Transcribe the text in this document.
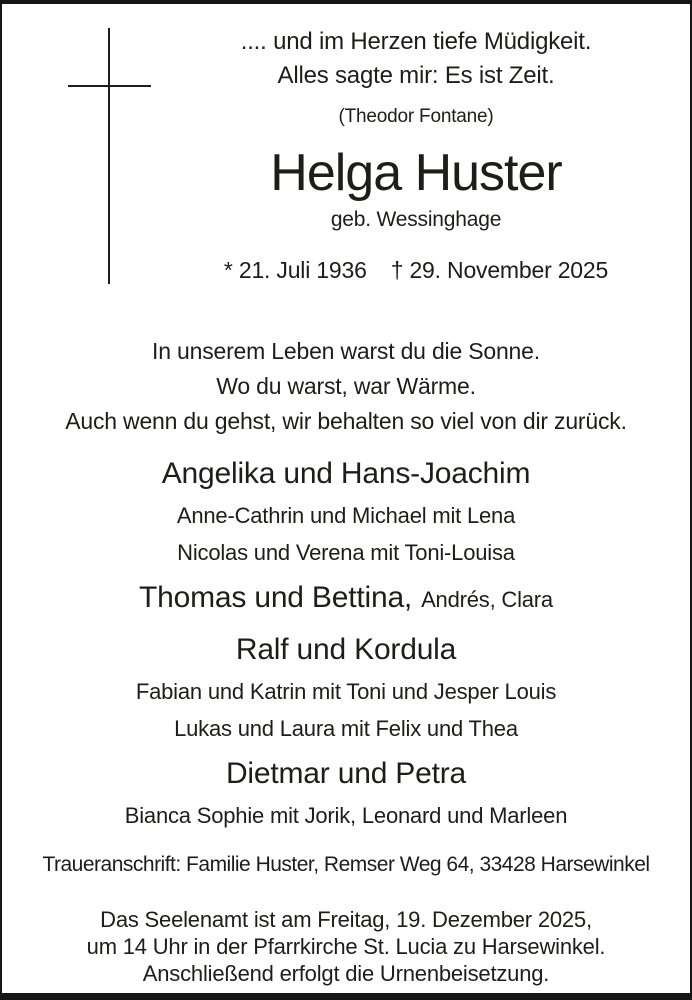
.... und im Herzen tiefe Müdigkeit.
Alles sagte mir: Es ist Zeit.
(Theodor Fontane)
Helga Huster
geb. Wessinghage
* 21. Juli 1936 † 29. November 2025
In unserem Leben warst du die Sonne.
Wo du warst, war Wärme.
Auch wenn du gehst, wir behalten so viel von dir zurück.
Angelika und Hans-Joachim
Anne-Cathrin und Michael mit Lena
Nicolas und Verena mit Toni-Louisa
Thomas und Bettina, Andrés, Clara
Ralf und Kordula
Fabian und Katrin mit Toni und Jesper Louis
Lukas und Laura mit Felix und Thea
Dietmar und Petra
Bianca Sophie mit Jorik, Leonard und Marleen
Traueranschrift: Familie Huster, Remser Weg 64, 33428 Harsewinkel
Das Seelenamt ist am Freitag, 19. Dezember 2025,
um 14 Uhr in der Pfarrkirche St. Lucia zu Harsewinkel.
Anschließend erfolgt die Urnenbeisetzung.
